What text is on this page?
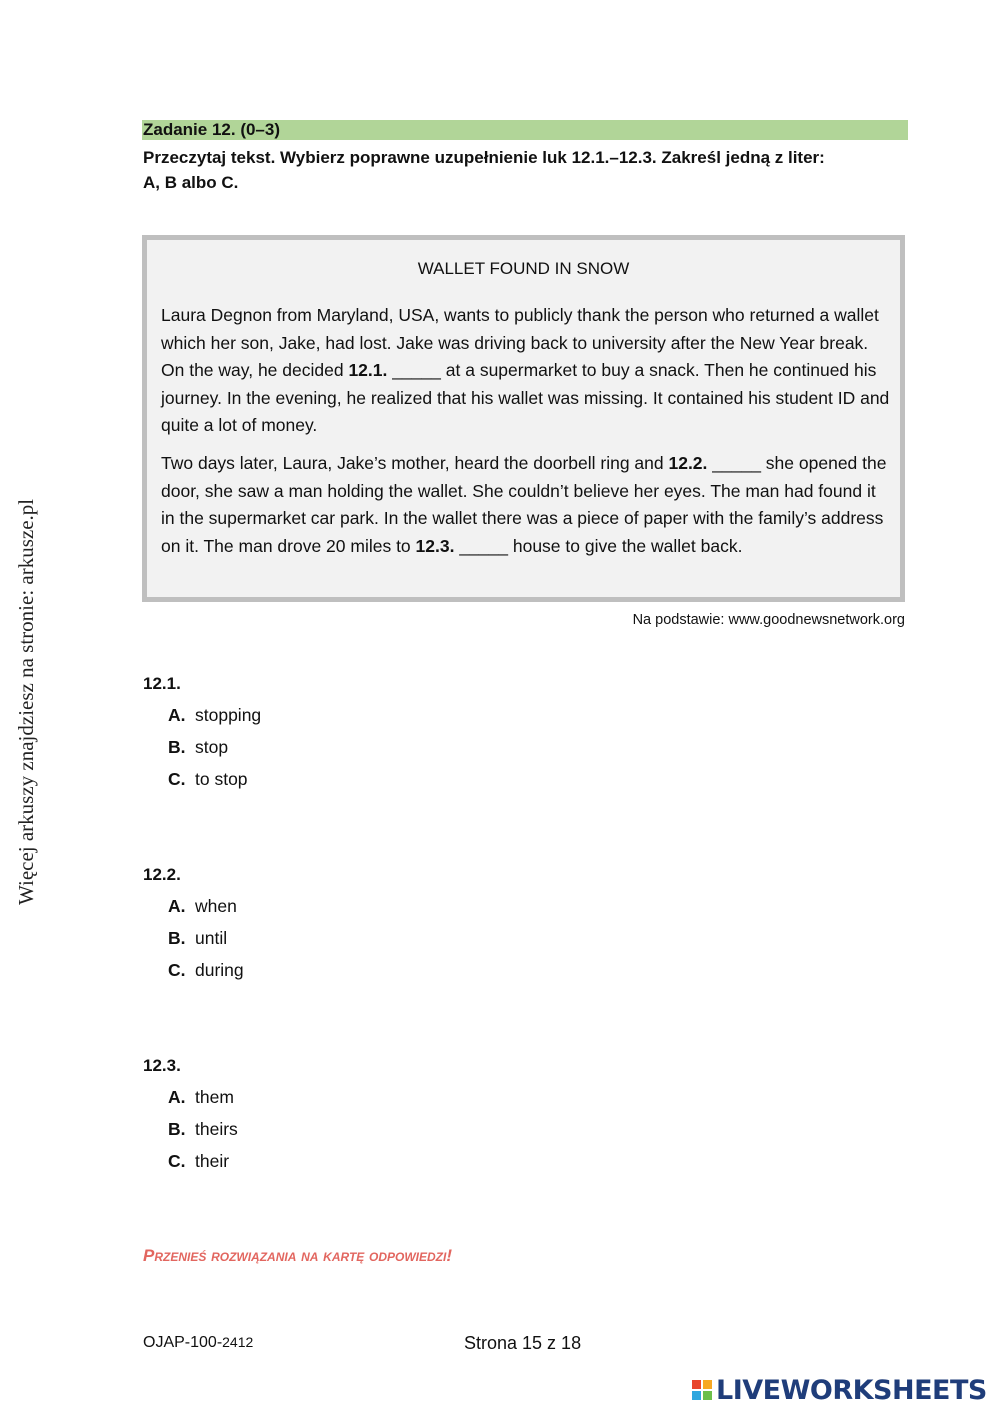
Więcej arkuszy znajdziesz na stronie: arkusze.pl
Zadanie 12. (0–3)
Przeczytaj tekst. Wybierz poprawne uzupełnienie luk 12.1.–12.3. Zakreśl jedną z liter:
A, B albo C.
WALLET FOUND IN SNOW
Laura Degnon from Maryland, USA, wants to publicly thank the person who returned a wallet which her son, Jake, had lost. Jake was driving back to university after the New Year break. On the way, he decided 12.1. _____ at a supermarket to buy a snack. Then he continued his journey. In the evening, he realized that his wallet was missing. It contained his student ID and quite a lot of money.
Two days later, Laura, Jake’s mother, heard the doorbell ring and 12.2. _____ she opened the door, she saw a man holding the wallet. She couldn’t believe her eyes. The man had found it in the supermarket car park. In the wallet there was a piece of paper with the family’s address on it. The man drove 20 miles to 12.3. _____ house to give the wallet back.
Na podstawie: www.goodnewsnetwork.org
12.1.
A. stopping
B. stop
C. to stop
12.2.
A. when
B. until
C. during
12.3.
A. them
B. theirs
C. their
Przenieś rozwiązania na kartę odpowiedzi!
OJAP-100-2412	Strona 15 z 18
LIVEWORKSHEETS
